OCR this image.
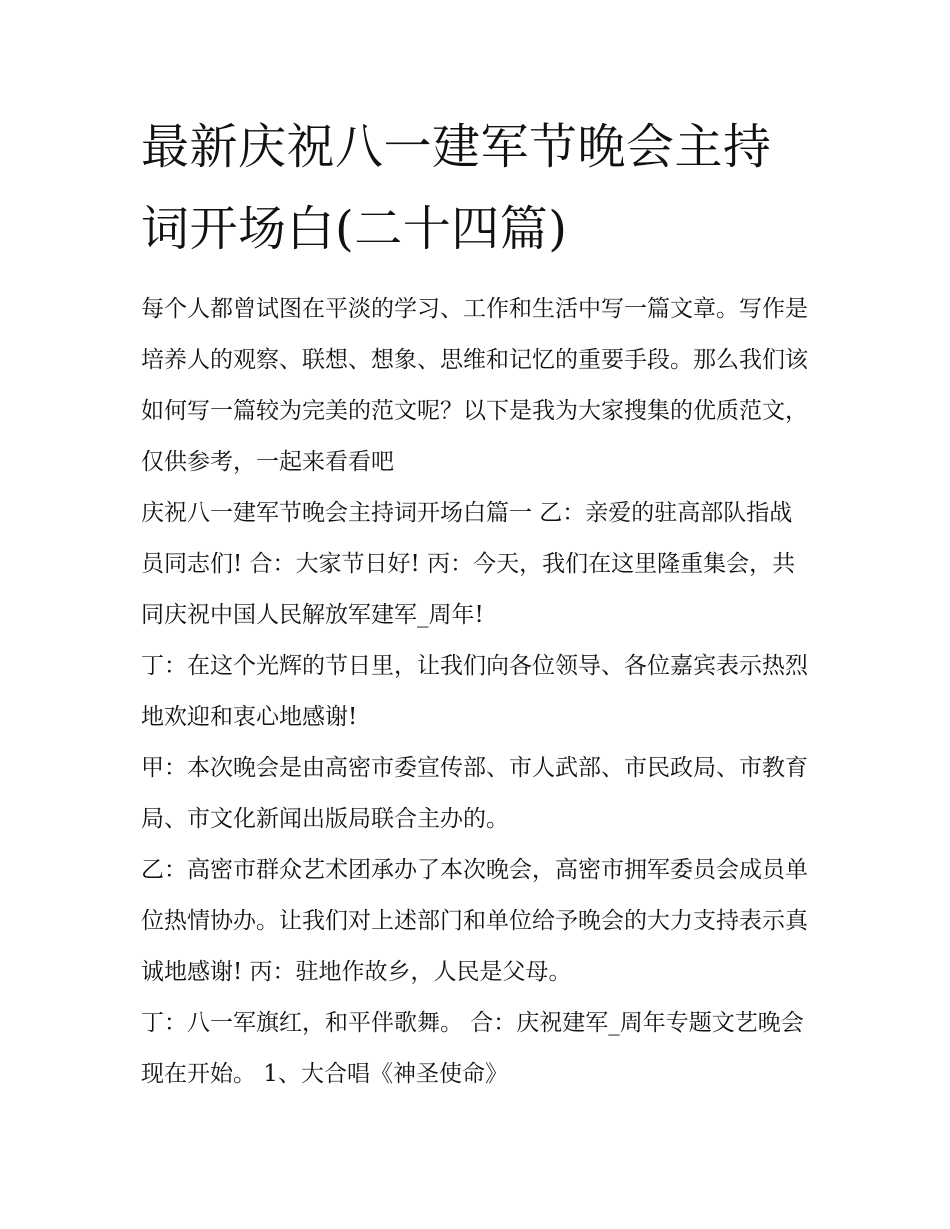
最新庆祝八一建军节晚会主持词开场白(二十四篇)

每个人都曾试图在平淡的学习、工作和生活中写一篇文章。写作是培养人的观察、联想、想象、思维和记忆的重要手段。那么我们该如何写一篇较为完美的范文呢？以下是我为大家搜集的优质范文，仅供参考，一起来看看吧

庆祝八一建军节晚会主持词开场白篇一 乙：亲爱的驻高部队指战员同志们! 合：大家节日好! 丙：今天，我们在这里隆重集会，共同庆祝中国人民解放军建军_周年!

丁：在这个光辉的节日里，让我们向各位领导、各位嘉宾表示热烈地欢迎和衷心地感谢!

甲：本次晚会是由高密市委宣传部、市人武部、市民政局、市教育局、市文化新闻出版局联合主办的。

乙：高密市群众艺术团承办了本次晚会，高密市拥军委员会成员单位热情协办。让我们对上述部门和单位给予晚会的大力支持表示真诚地感谢! 丙：驻地作故乡，人民是父母。

丁：八一军旗红，和平伴歌舞。 合：庆祝建军_周年专题文艺晚会现在开始。 1、大合唱《神圣使命》
